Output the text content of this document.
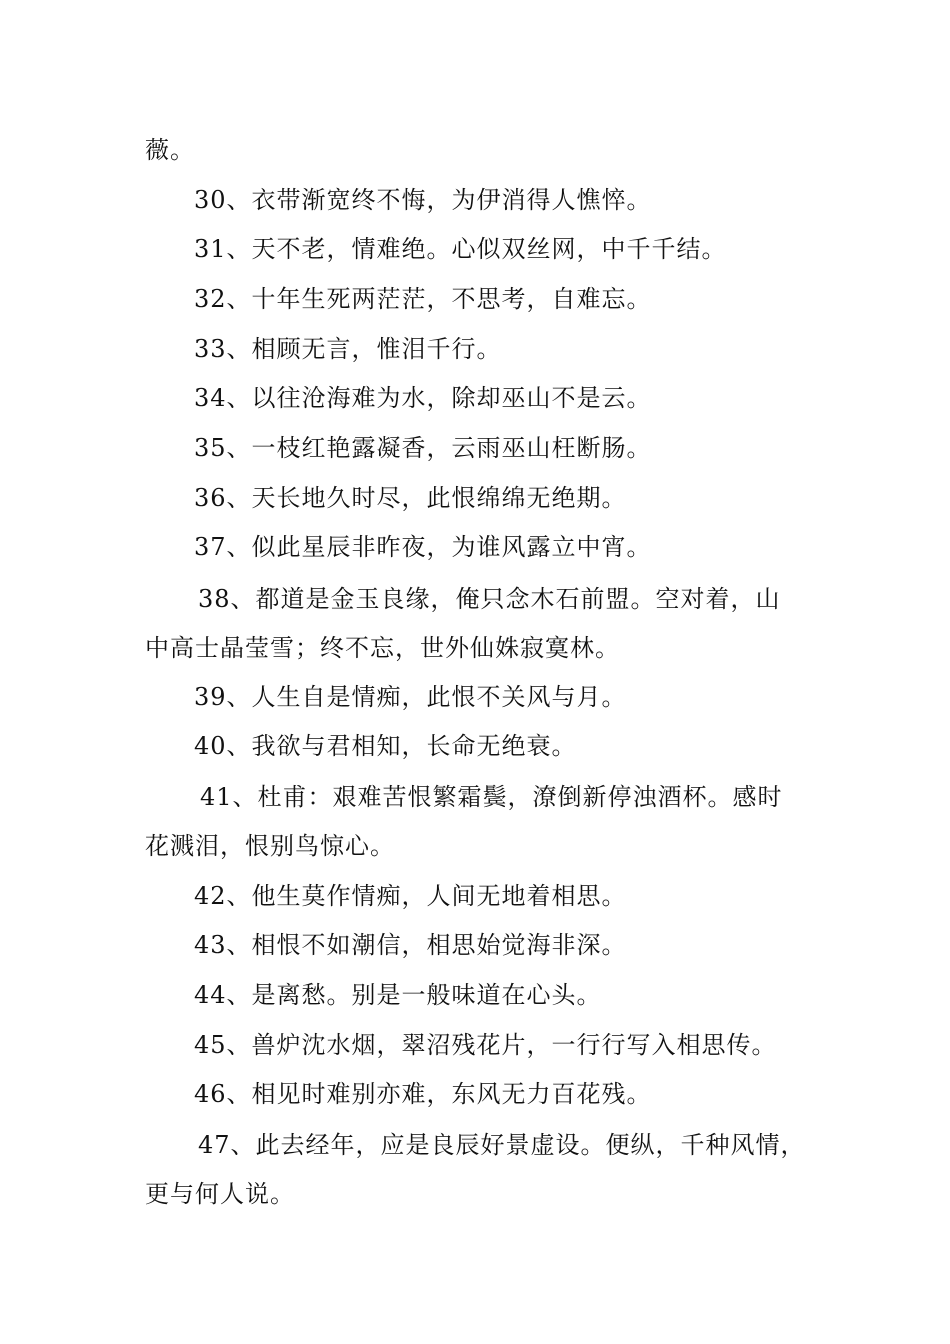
薇。
30、衣带渐宽终不悔，为伊消得人憔悴。
31、天不老，情难绝。心似双丝网，中千千结。
32、十年生死两茫茫，不思考，自难忘。
33、相顾无言，惟泪千行。
34、以往沧海难为水，除却巫山不是云。
35、一枝红艳露凝香，云雨巫山枉断肠。
36、天长地久时尽，此恨绵绵无绝期。
37、似此星辰非昨夜，为谁风露立中宵。
38、都道是金玉良缘，俺只念木石前盟。空对着，山
中高士晶莹雪；终不忘，世外仙姝寂寞林。
39、人生自是情痴，此恨不关风与月。
40、我欲与君相知，长命无绝衰。
41、杜甫：艰难苦恨繁霜鬓，潦倒新停浊酒杯。感时
花溅泪，恨别鸟惊心。
42、他生莫作情痴，人间无地着相思。
43、相恨不如潮信，相思始觉海非深。
44、是离愁。别是一般味道在心头。
45、兽炉沈水烟，翠沼残花片，一行行写入相思传。
46、相见时难别亦难，东风无力百花残。
47、此去经年，应是良辰好景虚设。便纵，千种风情，
更与何人说。
